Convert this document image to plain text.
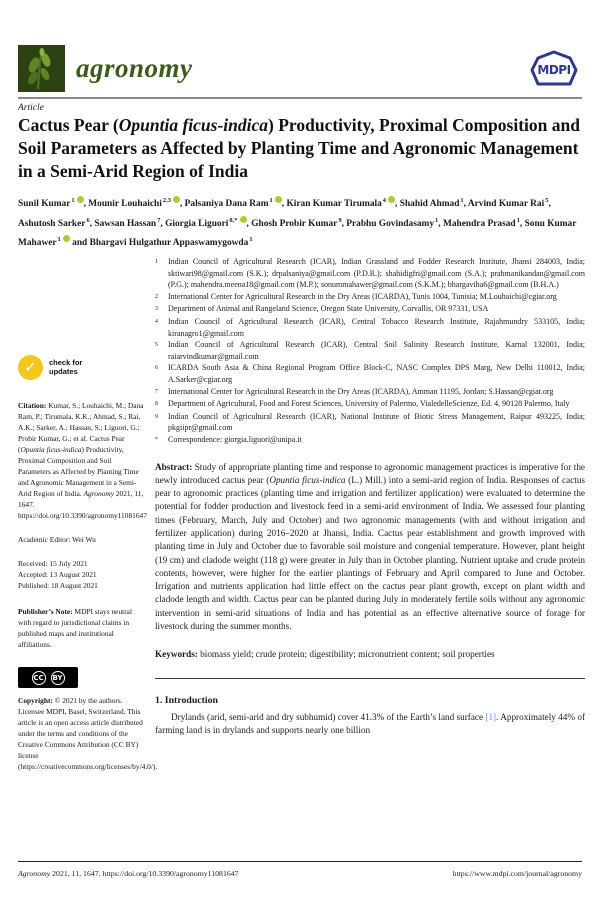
agronomy	MDPI
Article
Cactus Pear (Opuntia ficus-indica) Productivity, Proximal Composition and Soil Parameters as Affected by Planting Time and Agronomic Management in a Semi-Arid Region of India

Sunil Kumar$^1$ , Mounir Louhaichi$^{2,3}$ , Palsaniya Dana Ram$^1$ , Kiran Kumar Tirumala$^4$ , Shahid Ahmad$^1$, Arvind Kumar Rai$^5$, Ashutosh Sarker$^6$, Sawsan Hassan$^7$, Giorgia Liguori$^{8,*}$ , Ghosh Probir Kumar$^9$, Prabhu Govindasamy$^1$, Mahendra Prasad$^1$, Sonu Kumar Mahawer$^1$ and Bhargavi Hulgathur Appaswamygowda$^1$

1	Indian Council of Agricultural Research (ICAR), Indian Grassland and Fodder Research Institute, Jhansi 284003, India; sktiwari98@gmail.com (S.K.); drpalsaniya@gmail.com (P.D.R.); shahidigfri@gmail.com (S.A.); prabmanikandan@gmail.com (P.G.); mahendra.meena18@gmail.com (M.P.); sonummahawer@gmail.com (S.K.M.); bhargaviha6@gmail.com (B.H.A.)
2	International Center for Agricultural Research in the Dry Areas (ICARDA), Tunis 1004, Tunisia; M.Louhaichi@cgiar.org
3	Department of Animal and Rangeland Science, Oregon State University, Corvallis, OR 97331, USA
4	Indian Council of Agricultural Research (ICAR), Central Tobacco Research Institute, Rajahmundry 533105, India; kiranagro1@gmail.com
5	Indian Council of Agricultural Research (ICAR), Central Soil Salinity Research Institute, Karnal 132001, India; raiarvindkumar@gmail.com
6	ICARDA South Asia & China Regional Program Office Block-C, NASC Complex DPS Marg, New Delhi 110012, India; A.Sarker@cgiar.org
7	International Center for Agricultural Research in the Dry Areas (ICARDA), Amman 11195, Jordan; S.Hassan@cgiar.org
8	Department of Agricultural, Food and Forest Sciences, University of Palermo, VialedelleScienze, Ed. 4, 90128 Palermo, Italy
9	Indian Council of Agricultural Research (ICAR), National Institute of Biotic Stress Management, Raipur 493225, India; pkgiipr@gmail.com
*	Correspondence: giorgia.liguori@unipa.it

Abstract: Study of appropriate planting time and response to agronomic management practices is imperative for the newly introduced cactus pear (Opuntia ficus-indica (L.) Mill.) into a semi-arid region of India. Responses of cactus pear to agronomic practices (planting time and irrigation and fertilizer application) were evaluated to determine the potential for fodder production and livestock feed in a semi-arid environment of India. We assessed four planting times (February, March, July and October) and two agronomic managements (with and without irrigation and fertilizer application) during 2016–2020 at Jhansi, India. Cactus pear establishment and growth improved with planting time in July and October due to favorable soil moisture and congenial temperature. However, plant height (19 cm) and cladode weight (118 g) were greater in July than in October planting. Nutrient uptake and crude protein contents, however, were higher for the earlier plantings of February and April compared to June and October. Irrigation and nutrients application had little effect on the cactus pear plant growth, except on plant width and cladode length and width. Cactus pear can be planted during July in moderately fertile soils without any agronomic intervention in semi-arid situations of India and has potential as an effective alternative source of forage for livestock during the summer months.

Keywords: biomass yield; crude protein; digestibility; micronutrient content; soil properties

1. Introduction

Drylands (arid, semi-arid and dry subhumid) cover 41.3% of the Earth’s land surface [1]. Approximately 44% of farming land is in drylands and supports nearly one billion

✓	check for
updates

Citation: Kumar, S.; Louhaichi, M.; Dana Ram, P.; Tirumala, K.K.; Ahmad, S.; Rai, A.K.; Sarker, A.; Hassan, S.; Liguori, G.; Probir Kumar, G.; et al. Cactus Pear (Opuntia ficus-indica) Productivity, Proximal Composition and Soil Parameters as Affected by Planting Time and Agronomic Management in a Semi-Arid Region of India. Agronomy 2021, 11, 1647. https://doi.org/10.3390/agronomy11081647

Academic Editor: Wei Wu

Received: 15 July 2021
Accepted: 13 August 2021
Published: 18 August 2021

Publisher’s Note: MDPI stays neutral with regard to jurisdictional claims in published maps and institutional affiliations.

CC BY

Copyright: © 2021 by the authors. Licensee MDPI, Basel, Switzerland. This article is an open access article distributed under the terms and conditions of the Creative Commons Attribution (CC BY) license (https://creativecommons.org/licenses/by/4.0/).

Agronomy 2021, 11, 1647. https://doi.org/10.3390/agronomy11081647	https://www.mdpi.com/journal/agronomy
